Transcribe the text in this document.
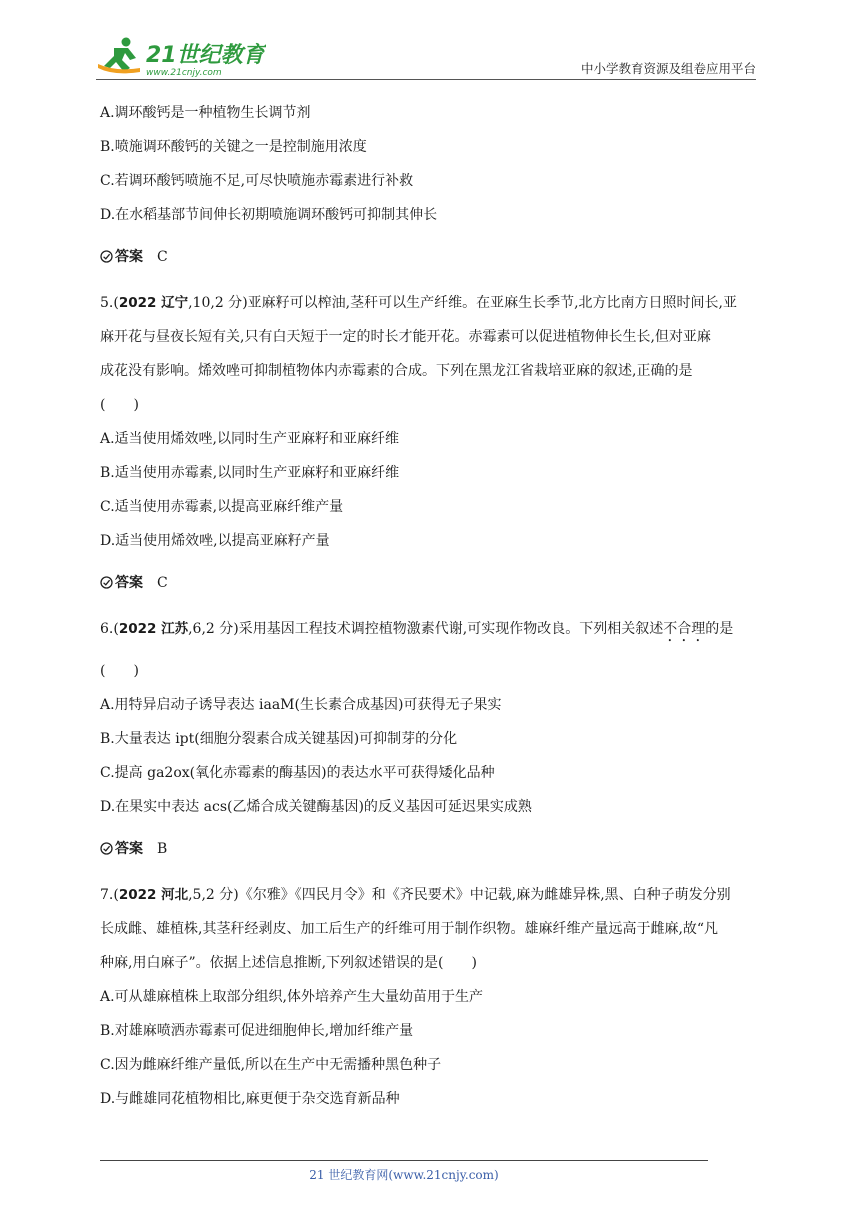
21世纪教育
www.21cnjy.com	中小学教育资源及组卷应用平台
A.调环酸钙是一种植物生长调节剂
B.喷施调环酸钙的关键之一是控制施用浓度
C.若调环酸钙喷施不足,可尽快喷施赤霉素进行补救
D.在水稻基部节间伸长初期喷施调环酸钙可抑制其伸长
答案 C
5.(2022 辽宁,10,2 分)亚麻籽可以榨油,茎秆可以生产纤维。在亚麻生长季节,北方比南方日照时间长,亚
麻开花与昼夜长短有关,只有白天短于一定的时长才能开花。赤霉素可以促进植物伸长生长,但对亚麻
成花没有影响。烯效唑可抑制植物体内赤霉素的合成。下列在黑龙江省栽培亚麻的叙述,正确的是
(　　)
A.适当使用烯效唑,以同时生产亚麻籽和亚麻纤维
B.适当使用赤霉素,以同时生产亚麻籽和亚麻纤维
C.适当使用赤霉素,以提高亚麻纤维产量
D.适当使用烯效唑,以提高亚麻籽产量
答案 C
6.(2022 江苏,6,2 分)采用基因工程技术调控植物激素代谢,可实现作物改良。下列相关叙述不合理的是
(　　)
A.用特异启动子诱导表达 iaaM(生长素合成基因)可获得无子果实
B.大量表达 ipt(细胞分裂素合成关键基因)可抑制芽的分化
C.提高 ga2ox(氧化赤霉素的酶基因)的表达水平可获得矮化品种
D.在果实中表达 acs(乙烯合成关键酶基因)的反义基因可延迟果实成熟
答案 B
7.(2022 河北,5,2 分)《尔雅》《四民月令》和《齐民要术》中记载,麻为雌雄异株,黑、白种子萌发分别
长成雌、雄植株,其茎秆经剥皮、加工后生产的纤维可用于制作织物。雄麻纤维产量远高于雌麻,故“凡
种麻,用白麻子”。依据上述信息推断,下列叙述错误的是(　　)
A.可从雄麻植株上取部分组织,体外培养产生大量幼苗用于生产
B.对雄麻喷洒赤霉素可促进细胞伸长,增加纤维产量
C.因为雌麻纤维产量低,所以在生产中无需播种黑色种子
D.与雌雄同花植物相比,麻更便于杂交选育新品种
21 世纪教育网(www.21cnjy.com)
